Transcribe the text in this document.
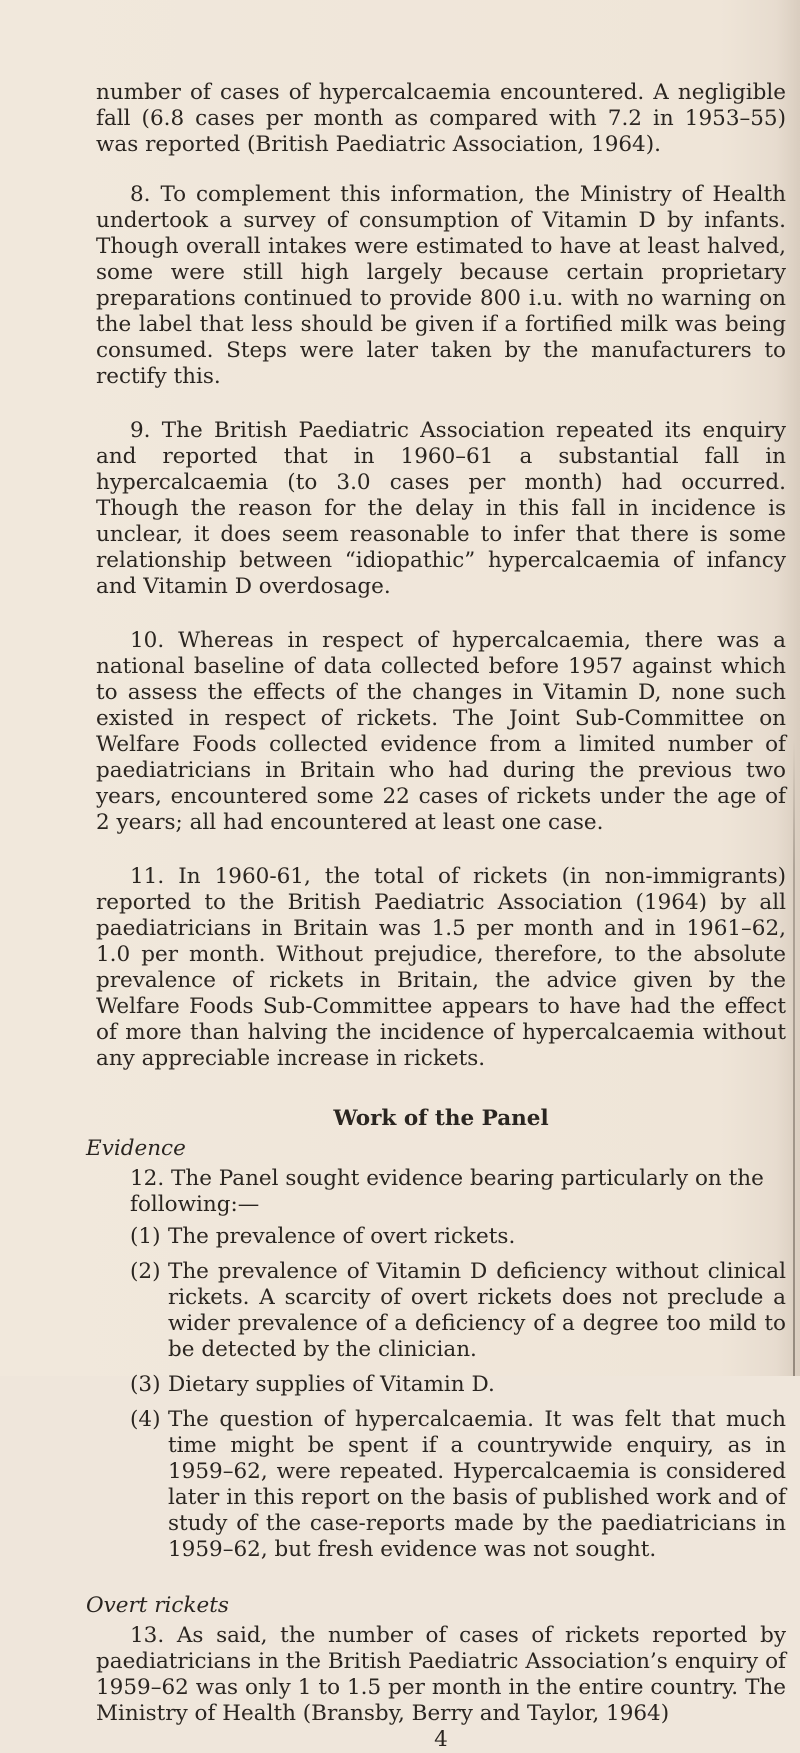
number of cases of hypercalcaemia encountered. A negligible fall (6.8 cases per month as compared with 7.2 in 1953–55) was reported (British Paediatric Association, 1964).

8. To complement this information, the Ministry of Health undertook a survey of consumption of Vitamin D by infants. Though overall intakes were estimated to have at least halved, some were still high largely because certain proprietary preparations continued to provide 800 i.u. with no warning on the label that less should be given if a fortified milk was being consumed. Steps were later taken by the manufacturers to rectify this.

9. The British Paediatric Association repeated its enquiry and reported that in 1960–61 a substantial fall in hypercalcaemia (to 3.0 cases per month) had occurred. Though the reason for the delay in this fall in incidence is unclear, it does seem reasonable to infer that there is some relationship between “idiopathic” hypercalcaemia of infancy and Vitamin D overdosage.

10. Whereas in respect of hypercalcaemia, there was a national baseline of data collected before 1957 against which to assess the effects of the changes in Vitamin D, none such existed in respect of rickets. The Joint Sub-Committee on Welfare Foods collected evidence from a limited number of paediatricians in Britain who had during the previous two years, encountered some 22 cases of rickets under the age of 2 years; all had encountered at least one case.

11. In 1960-61, the total of rickets (in non-immigrants) reported to the British Paediatric Association (1964) by all paediatricians in Britain was 1.5 per month and in 1961–62, 1.0 per month. Without prejudice, therefore, to the absolute prevalence of rickets in Britain, the advice given by the Welfare Foods Sub-Committee appears to have had the effect of more than halving the incidence of hypercalcaemia without any appreciable increase in rickets.

Work of the Panel
Evidence
12. The Panel sought evidence bearing particularly on the following:—
(1) The prevalence of overt rickets.
(2) The prevalence of Vitamin D deficiency without clinical rickets. A scarcity of overt rickets does not preclude a wider prevalence of a deficiency of a degree too mild to be detected by the clinician.
(3) Dietary supplies of Vitamin D.
(4) The question of hypercalcaemia. It was felt that much time might be spent if a countrywide enquiry, as in 1959–62, were repeated. Hypercalcaemia is considered later in this report on the basis of published work and of study of the case-reports made by the paediatricians in 1959–62, but fresh evidence was not sought.
Overt rickets

13. As said, the number of cases of rickets reported by paediatricians in the British Paediatric Association’s enquiry of 1959–62 was only 1 to 1.5 per month in the entire country. The Ministry of Health (Bransby, Berry and Taylor, 1964)

4
